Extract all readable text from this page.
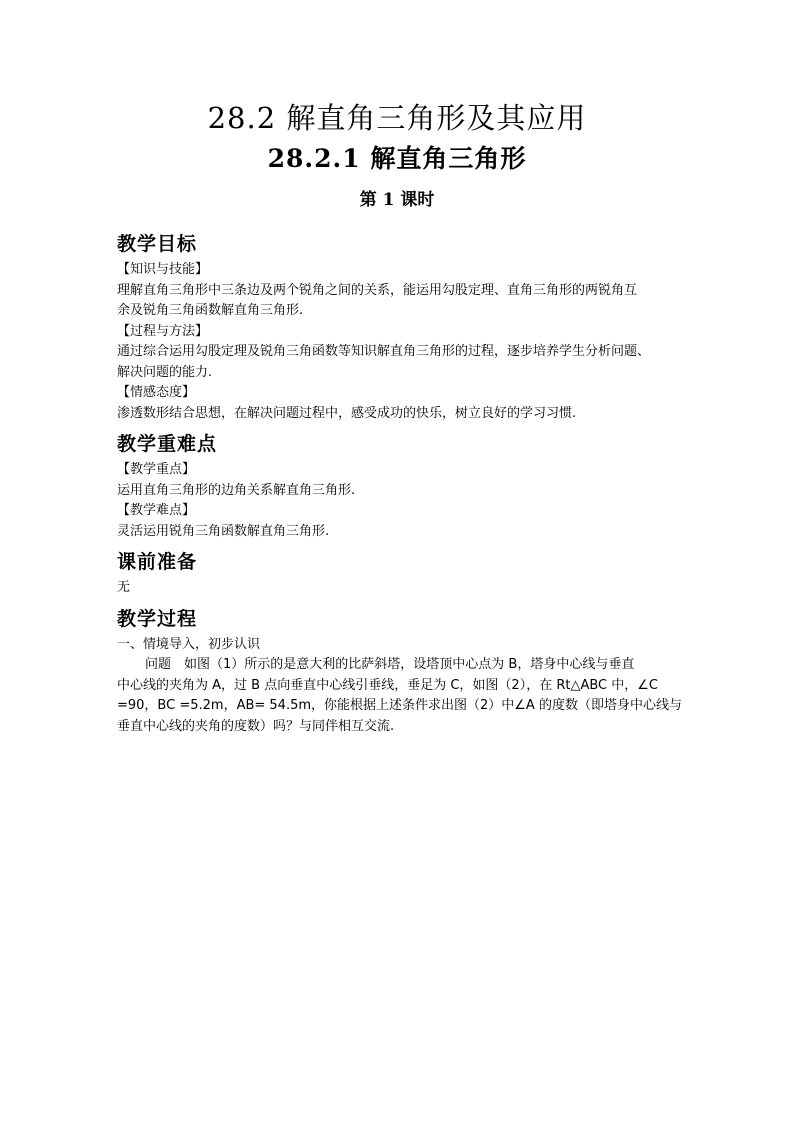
28.2 解直角三角形及其应用
28.2.1 解直角三角形
第 1 课时
教学目标
【知识与技能】
理解直角三角形中三条边及两个锐角之间的关系，能运用勾股定理、直角三角形的两锐角互
余及锐角三角函数解直角三角形.
【过程与方法】
通过综合运用勾股定理及锐角三角函数等知识解直角三角形的过程，逐步培养学生分析问题、
解决问题的能力.
【情感态度】
渗透数形结合思想，在解决问题过程中，感受成功的快乐，树立良好的学习习惯.
教学重难点
【教学重点】
运用直角三角形的边角关系解直角三角形.
【教学难点】
灵活运用锐角三角函数解直角三角形.
课前准备
无
教学过程
一、情境导入，初步认识
问题　如图（1）所示的是意大利的比萨斜塔，设塔顶中心点为 B，塔身中心线与垂直
中心线的夹角为 A，过 B 点向垂直中心线引垂线，垂足为 C，如图（2），在 Rt△ABC 中，∠C
=90，BC =5.2m，AB= 54.5m，你能根据上述条件求出图（2）中∠A 的度数（即塔身中心线与
垂直中心线的夹角的度数）吗？与同伴相互交流.
